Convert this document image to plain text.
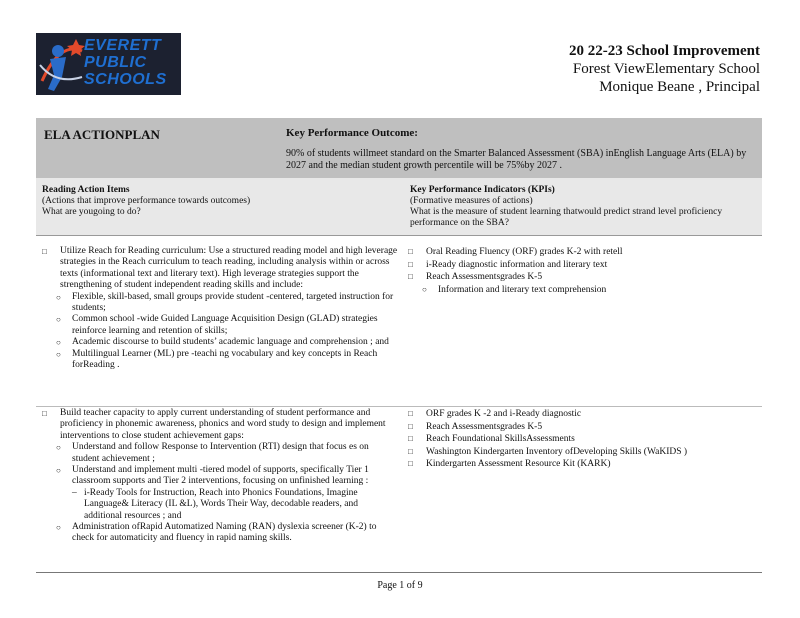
EVERETT
PUBLIC
SCHOOLS
20 22-23 School Improvement
Forest ViewElementary School
Monique Beane , Principal
ELA ACTIONPLAN	Key Performance Outcome:
90% of students willmeet standard on the Smarter Balanced Assessment (SBA) inEnglish Language Arts (ELA) by 2027 and the median student growth percentile will be 75%by 2027 .
Reading Action Items
(Actions that improve performance towards outcomes)
What are yougoing to do?
Key Performance Indicators (KPIs)
(Formative measures of actions)
What is the measure of student learning thatwould predict strand level proficiency performance on the SBA?
□ Utilize Reach for Reading curriculum: Use a structured reading model and high leverage strategies in the Reach curriculum to teach reading, including analysis within or across texts (informational text and literary text). High leverage strategies support the strengthening of student independent reading skills and include:
○ Flexible, skill-based, small groups provide student -centered, targeted instruction for students;
○ Common school -wide Guided Language Acquisition Design (GLAD) strategies reinforce learning and retention of skills;
○ Academic discourse to build students’ academic language and comprehension ; and
○ Multilingual Learner (ML) pre -teachi ng vocabulary and key concepts in Reach forReading .
□ Oral Reading Fluency (ORF) grades K-2 with retell
□ i-Ready diagnostic information and literary text
□ Reach Assessmentsgrades K-5
○ Information and literary text comprehension
□ Build teacher capacity to apply current understanding of student performance and proficiency in phonemic awareness, phonics and word study to design and implement interventions to close student achievement gaps:
○ Understand and follow Response to Intervention (RTI) design that focus es on student achievement ;
○ Understand and implement multi -tiered model of supports, specifically Tier 1 classroom supports and Tier 2 interventions, focusing on unfinished learning :
– i-Ready Tools for Instruction, Reach into Phonics Foundations, Imagine Language& Literacy (IL &L), Words Their Way, decodable readers, and additional resources ; and
○ Administration ofRapid Automatized Naming (RAN) dyslexia screener (K-2) to check for automaticity and fluency in rapid naming skills.
□ ORF grades K -2 and i-Ready diagnostic
□ Reach Assessmentsgrades K-5
□ Reach Foundational SkillsAssessments
□ Washington Kindergarten Inventory ofDeveloping Skills (WaKIDS )
□ Kindergarten Assessment Resource Kit (KARK)
Page 1 of 9
